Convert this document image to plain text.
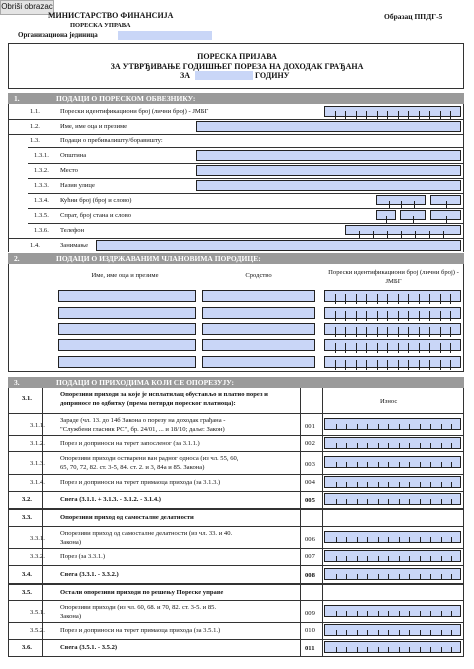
Obriši obrazac
МИНИСТАРСТВО ФИНАНСИЈА
ПОРЕСКА УПРАВА
Организациона јединица
Образац ППДГ-5
ПОРЕСКА ПРИЈАВА
ЗА УТВРЂИВАЊЕ ГОДИШЊЕГ ПОРЕЗА НА ДОХОДАК ГРАЂАНА
ЗА	ГОДИНУ
1.	ПОДАЦИ О ПОРЕСКОМ ОБВЕЗНИКУ:
1.1.	Порески идентификациони број (лични број) - ЈМБГ
1.2.	Име, име оца и презиме
1.3.	Подаци о пребивалишту/боравишту:
1.3.1. Општина
1.3.2. Место
1.3.3. Назив улице
1.3.4. Кућни број (број и слово)
1.3.5. Спрат, број стана и слово
1.3.6. Телефон
1.4.	Занимање
2.	ПОДАЦИ О ИЗДРЖАВАНИМ ЧЛАНОВИМА ПОРОДИЦЕ:
Име, име оца и презиме	Сродство	Порески идентификациони број (лични број) - ЈМБГ
3.	ПОДАЦИ О ПРИХОДИМА КОЈИ СЕ ОПОРЕЗУЈУ:
3.1.
Опорезиви приходи за које је исплатилац обустављо и платио порез и
доприносе по одбитку (према потврди пореског платиоца):	Износ
3.1.1.
Зараде (чл. 13. до 14б Закона о порезу на доходак грађана -
"Службени гласник РС", бр. 24/01, ... и 18/10; даље: Закон)	001
3.1.2. Порез и доприноси на терет запосленог (за 3.1.1.)	002
3.1.3.
Опорезиви приходи остварени ван радног односа (из чл. 55, 60,
65, 70, 72, 82. ст. 3-5, 84. ст. 2. и 3, 84а и 85. Закона)	003
3.1.4. Порез и доприноси на терет примаоца прихода (за 3.1.3.)	004
3.2.	Свега (3.1.1. + 3.1.3. - 3.1.2. - 3.1.4.)	005
3.3.	Опорезиви приход од самосталне делатности
3.3.1.
Опорезиви приход од самосталне делатности (из чл. 33. и 40.
Закона)	006
3.3.2. Порез (за 3.3.1.)	007
3.4.	Свега (3.3.1. - 3.3.2.)	008
3.5.	Остали опорезиви приходи по решењу Пореске управе
3.5.1.
Опорезиви приходи (из чл. 60, 68. и 70, 82. ст. 3-5. и 85.
Закона)	009
3.5.2. Порез и доприноси на терет примаоца прихода (за 3.5.1.)	010
3.6.	Свега (3.5.1. - 3.5.2)	011
